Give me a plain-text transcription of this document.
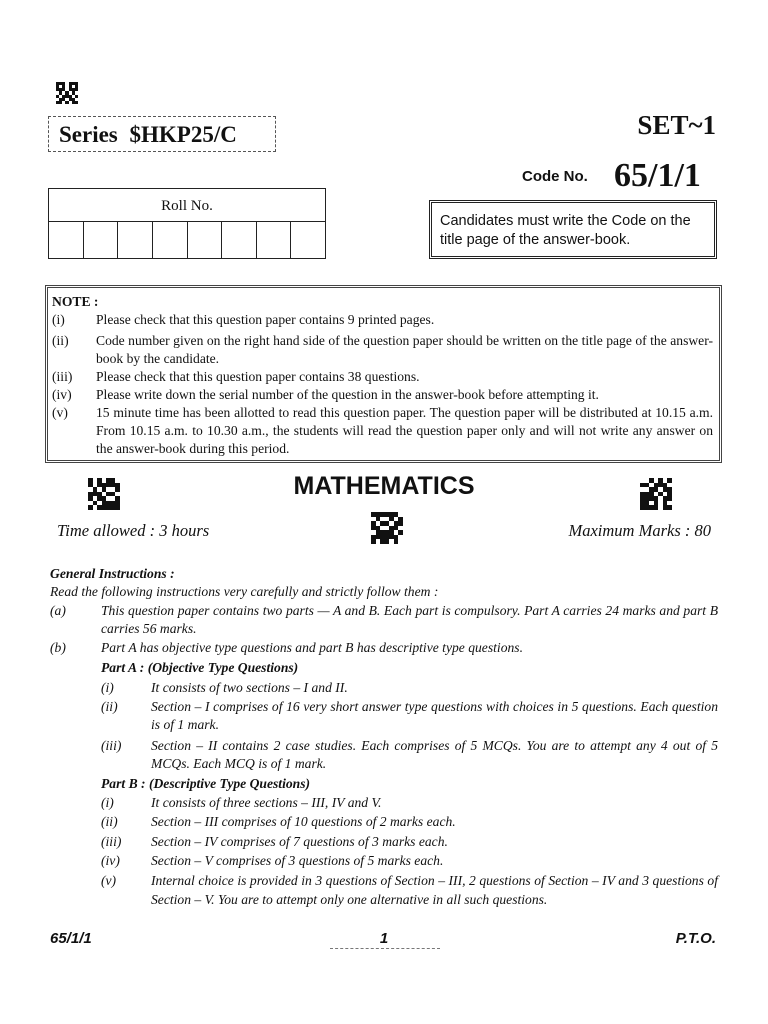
Series $HKP25/C	SET~1
Code No. 65/1/1
Roll No.
Candidates must write the Code on the title page of the answer-book.
NOTE :
(i)	Please check that this question paper contains 9 printed pages.
(ii)	Code number given on the right hand side of the question paper should be written on the title page of the answer-book by the candidate.
(iii)	Please check that this question paper contains 38 questions.
(iv)	Please write down the serial number of the question in the answer-book before attempting it.
(v)	15 minute time has been allotted to read this question paper. The question paper will be distributed at 10.15 a.m. From 10.15 a.m. to 10.30 a.m., the students will read the question paper only and will not write any answer on the answer-book during this period.
MATHEMATICS
Time allowed : 3 hours	Maximum Marks : 80
General Instructions :
Read the following instructions very carefully and strictly follow them :
(a)	This question paper contains two parts — A and B. Each part is compulsory. Part A carries 24 marks and part B carries 56 marks.
(b)	Part A has objective type questions and part B has descriptive type questions.
Part A : (Objective Type Questions)
(i)	It consists of two sections – I and II.
(ii)	Section – I comprises of 16 very short answer type questions with choices in 5 questions. Each question is of 1 mark.
(iii)	Section – II contains 2 case studies. Each comprises of 5 MCQs. You are to attempt any 4 out of 5 MCQs. Each MCQ is of 1 mark.
Part B : (Descriptive Type Questions)
(i)	It consists of three sections – III, IV and V.
(ii)	Section – III comprises of 10 questions of 2 marks each.
(iii)	Section – IV comprises of 7 questions of 3 marks each.
(iv)	Section – V comprises of 3 questions of 5 marks each.
(v)	Internal choice is provided in 3 questions of Section – III, 2 questions of Section – IV and 3 questions of Section – V. You are to attempt only one alternative in all such questions.
65/1/1	1	P.T.O.
